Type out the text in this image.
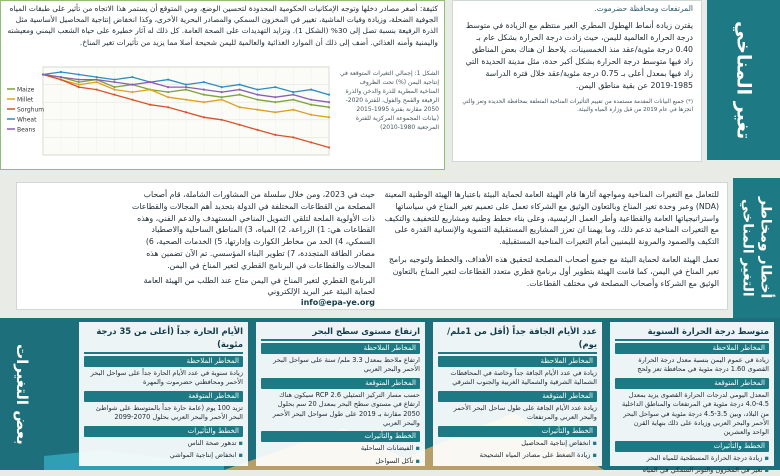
تغير المناخي

المرتفعات ومحافظة حضرموت.

يقترن زيادة أنماط الهطول المطري الغير منتظم مع الزيادة في متوسط درجة الحرارة العالمية لليمن، حيث زادت درجة الحرارة بشكل عام بـ 0.40 درجة مئوية/عقد منذ الخمسينات. يلاحظ ان هناك بعض المناطق زاد فيها متوسط درجة الحرارة بشكل أكبر حدة، مثل مدينة الحديدة التي زاد فيها بمعدل أعلى بـ 0.75 درجة مئوية/عقد خلال فترة الدراسة 1985-2019 عن بقية مناطق اليمن.

(*) جميع البيانات المقدمة مستمدة من تقييم التأثيرات المناخية المتعلقة بمحافظة الحديدة وتعز والتي انجزها في عام 2019 من قبل وزارة المياه والبيئة.

كثيفة: أصغر مصادر دخلها وتوجه الإمكانيات الحكومية المحدودة لتحسين الوضع، ومن المتوقع أن يستمر هذا الاتجاه من تأثير على طبقات المياه الجوفية الضحلة، وزيادة وفيات الماشية، تغيير في المخزون السمكي والمصادر البحرية الأخرى، وكذا انخفاض إنتاجية المحاصيل الأساسية مثل الذرة الرفيعة بنسبة تصل إلى 30% (الشكل 1). وتزايد التهديدات على الصحة العامة. كل ذلك له آثار خطيرة على حياة الشعب اليمني ومعيشته واليمنية وأمنه الغذائي. أضف إلى ذلك أن الموارد الغذائية والعالمية لليمن شحيحة أصلا مما يزيد من تأثيرات تغير المناخ.

Maize
Millet
Sorghum
Wheat
Beans

الشكل 1: إجمالي التغيرات المتوقعة في إنتاجية اليمن (%) تحت الظروف المناخية المطرية للذرة والدخن والذرة الرفيعة والقمح والفول، للفترة 2020-2050 مقارنة بفترة 1995-2015 (بيانات المجموعة المركزية للفترة المرجعية 1980-2010)

أخطار ومخاطر التغير المناخي

للتعامل مع التغيرات المناخية ومواجهة آثارها قام الهيئة العامة لحماية البيئة باعتبارها الهيئة الوطنية المعينة (NDA) وعبر وحدة تغير المناخ وبالتعاون الوثيق مع الشركاء تعمل على تعميم تغير المناخ في سياساتها واستراتيجياتها العامة والقطاعية وأطر العمل الرئيسية، وعلى بناء خطط وطنية ومشاريع للتخفيف والتكيف مع التغيرات المناخية تدعم ذلك، وما يهمنا ان تعزز المشاريع المستقبلية التنموية والإنسانية القدرة على التكيف والصمود والمرونة لليمنيين أمام التغيرات المناخية المستقبلية.

تعمل الهيئة العامة لحماية البيئة مع جميع أصحاب المصلحة لتحقيق هذه الأهداف، والخطط ولتوجيه برامج تغير المناخ في اليمن، كما قامت الهيئة بتطوير أول برنامج قطري متعدد القطاعات لتغير المناخ بالتعاون الوثيق مع الشركاء وأصحاب المصلحة في مختلف القطاعات.

حيث في 2023، ومن خلال سلسلة من المشاورات الشاملة، قام أصحاب المصلحة من القطاعات المختلفة في الدولة بتحديد أهم المجالات والقطاعات ذات الأولوية الملحة لتلقي التمويل المناخي المستهدف والدعم الفني، وهذه القطاعات هي: 1) الزراعة، 2) المياه، 3) المناطق الساحلية والاصطياد السمكي، 4) الحد من مخاطر الكوارث وإدارتها، 5) الخدمات الصحية، 6) مصادر الطاقة المتجددة، 7) تطوير البناء المؤسسي. تم الآن تضمين هذه المجالات والقطاعات في البرنامج القطري لتغير المناخ في اليمن.

البرنامج القطري لتغير المناخ في اليمن متاح عند الطلب من الهيئة العامة لحماية البيئة عبر البريد الإلكتروني

info@epa-ye.org
بعض التغيرات
متوسط درجة الحرارة السنوية
المخاطر الملاحظة
زيادة في عموم اليمن بنسبة معدل درجة الحرارة القصوى 1.60 درجة مئوية في محافظة تعز ولحج
المخاطر المتوقعة
المعدل اليومي لدرجات الحرارة القصوى يزيد بمعدل 4.5-4.0 درجة مئوية في المرتفعات والمناطق الداخلية من البلاد، وبين 3.5-4.5 درجة مئوية في سواحل البحر الأحمر والبحر العربي وزيادة على ذلك بنهاية القرن الواحد والعشرين
الخطط والتأثيرات
▪ زيادة درجة الحرارة المسطحية للمياه البحر
▪ تغير في المخزون والتوتر السمكي في المياه
عدد الأيام الجافة جداً (أقل من 1ملم/يوم)
المخاطر الملاحظة
زيادة في عدد الأيام الجافة جداً وخاصة في المحافظات الشمالية الشرقية والشمالية الغربية والجنوب الشرقي
المخاطر المتوقعة
زيادة عدد الأيام الجافة على طول ساحل البحر الأحمر والبحر العربي والمرتفعات
الخطط والتأثيرات
▪ انخفاض إنتاجية المحاصيل
▪ زيادة الضغط على مصادر المياه الشحيحة
ارتفاع مستوى سطح البحر
المخاطر الملاحظة
ارتفاع ملاحظ بمعدل 3.3 ملم/ سنة على سواحل البحر الأحمر والبحر العربي
المخاطر المتوقعة
حسب مسار التركيز التمثيلي 2.6 RCP سيكون هناك ارتفاع في مستوى سطح البحر بمعدل 20 سم بحلول 2050 مقارنة بـ 2019 على طول سواحل البحر الأحمر والبحر العربي
الخطط والتأثيرات
▪ الفيضانات الساحلية
▪ تآكل السواحل
الأيام الحارة جداً (أعلى من 35 درجة مئوية)
المخاطر الملاحظة
زيادة سنوية في عدد الأيام الحارة جداً على سواحل البحر الأحمر ومحافظتي حضرموت والمهرة
المخاطر المتوقعة
تزيد 100 يوم (عامة حارة جداً بالمتوسط على شواطئ البحر الأحمر والبحر العربي بحلول 2070-2099
الخطط والتأثيرات
▪ تدهور صحة الناس
▪ انخفاض إنتاجية المواشي
